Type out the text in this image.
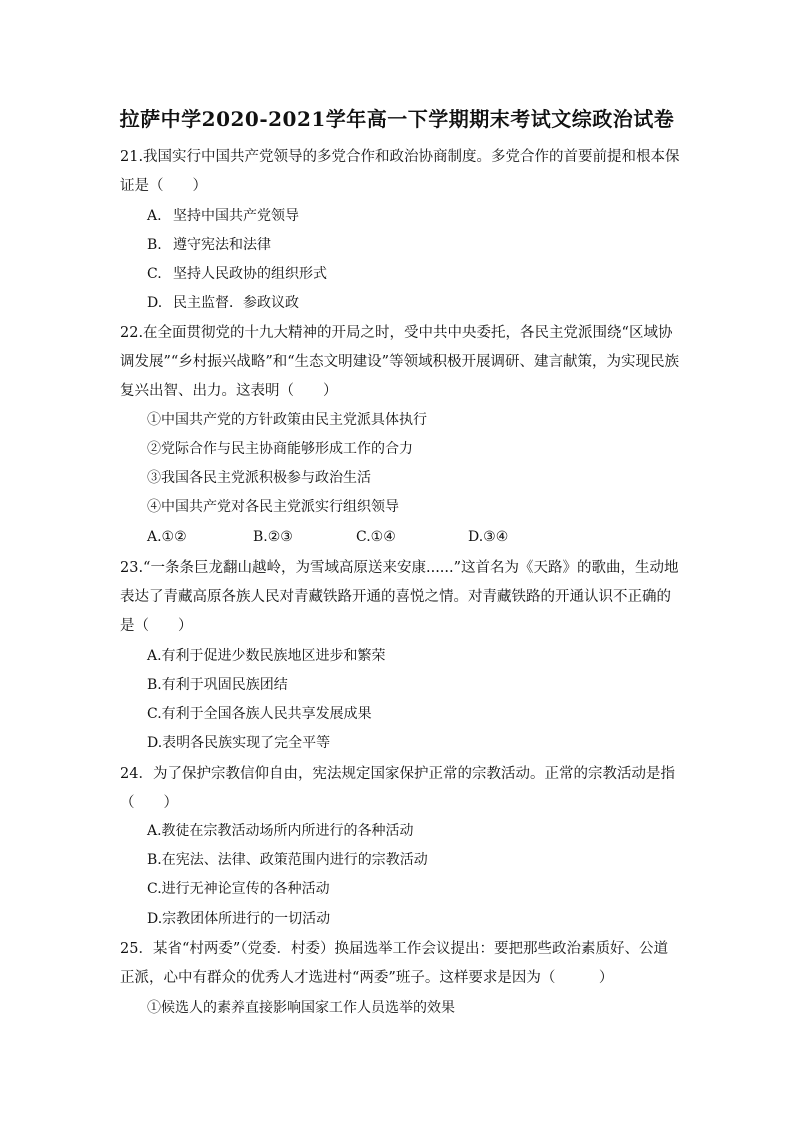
拉萨中学2020-2021学年高一下学期期末考试文综政治试卷
21.我国实行中国共产党领导的多党合作和政治协商制度。多党合作的首要前提和根本保证是（　　）
A. 坚持中国共产党领导
B. 遵守宪法和法律
C. 坚持人民政协的组织形式
D. 民主监督．参政议政
22.在全面贯彻党的十九大精神的开局之时，受中共中央委托，各民主党派围绕“区域协调发展”“乡村振兴战略”和“生态文明建设”等领域积极开展调研、建言献策，为实现民族复兴出智、出力。这表明（　　）
①中国共产党的方针政策由民主党派具体执行
②党际合作与民主协商能够形成工作的合力
③我国各民主党派积极参与政治生活
④中国共产党对各民主党派实行组织领导
A.①②	B.②③	C.①④	D.③④
23.“一条条巨龙翻山越岭，为雪域高原送来安康......”这首名为《天路》的歌曲，生动地表达了青藏高原各族人民对青藏铁路开通的喜悦之情。对青藏铁路的开通认识不正确的是（　　）
A.有利于促进少数民族地区进步和繁荣
B.有利于巩固民族团结
C.有利于全国各族人民共享发展成果
D.表明各民族实现了完全平等
24．为了保护宗教信仰自由，宪法规定国家保护正常的宗教活动。正常的宗教活动是指（　　）
A.教徒在宗教活动场所内所进行的各种活动
B.在宪法、法律、政策范围内进行的宗教活动
C.进行无神论宣传的各种活动
D.宗教团体所进行的一切活动
25．某省“村两委”（党委．村委）换届选举工作会议提出：要把那些政治素质好、公道正派，心中有群众的优秀人才选进村“两委”班子。这样要求是因为（　　　）
①候选人的素养直接影响国家工作人员选举的效果
